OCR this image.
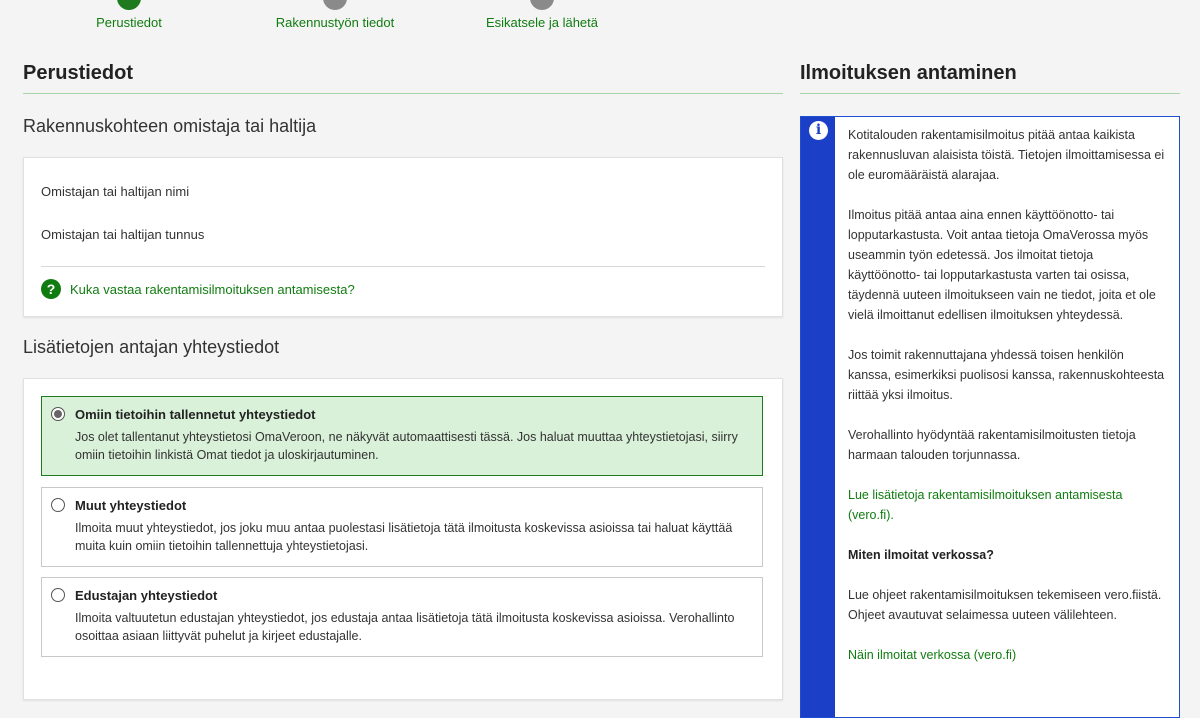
Perustiedot	Rakennustyön tiedot	Esikatsele ja lähetä
Perustiedot
Rakennuskohteen omistaja tai haltija
Omistajan tai haltijan nimi
Omistajan tai haltijan tunnus
?	Kuka vastaa rakentamisilmoituksen antamisesta?
Lisätietojen antajan yhteystiedot
Omiin tietoihin tallennetut yhteystiedot
Jos olet tallentanut yhteystietosi OmaVeroon, ne näkyvät automaattisesti tässä. Jos haluat muuttaa yhteystietojasi, siirry omiin tietoihin linkistä Omat tiedot ja uloskirjautuminen.
Muut yhteystiedot
Ilmoita muut yhteystiedot, jos joku muu antaa puolestasi lisätietoja tätä ilmoitusta koskevissa asioissa tai haluat käyttää muita kuin omiin tietoihin tallennettuja yhteystietojasi.
Edustajan yhteystiedot
Ilmoita valtuutetun edustajan yhteystiedot, jos edustaja antaa lisätietoja tätä ilmoitusta koskevissa asioissa. Verohallinto osoittaa asiaan liittyvät puhelut ja kirjeet edustajalle.
Ilmoituksen antaminen
i	Kotitalouden rakentamisilmoitus pitää antaa kaikista rakennusluvan alaisista töistä. Tietojen ilmoittamisessa ei ole euromääräistä alarajaa.

Ilmoitus pitää antaa aina ennen käyttöönotto- tai lopputarkastusta. Voit antaa tietoja OmaVerossa myös useammin työn edetessä. Jos ilmoitat tietoja käyttöönotto- tai lopputarkastusta varten tai osissa, täydennä uuteen ilmoitukseen vain ne tiedot, joita et ole vielä ilmoittanut edellisen ilmoituksen yhteydessä.

Jos toimit rakennuttajana yhdessä toisen henkilön kanssa, esimerkiksi puolisosi kanssa, rakennuskohteesta riittää yksi ilmoitus.

Verohallinto hyödyntää rakentamisilmoitusten tietoja harmaan talouden torjunnassa.

Lue lisätietoja rakentamisilmoituksen antamisesta (vero.fi).

Miten ilmoitat verkossa?

Lue ohjeet rakentamisilmoituksen tekemiseen vero.fiistä. Ohjeet avautuvat selaimessa uuteen välilehteen.

Näin ilmoitat verkossa (vero.fi)
